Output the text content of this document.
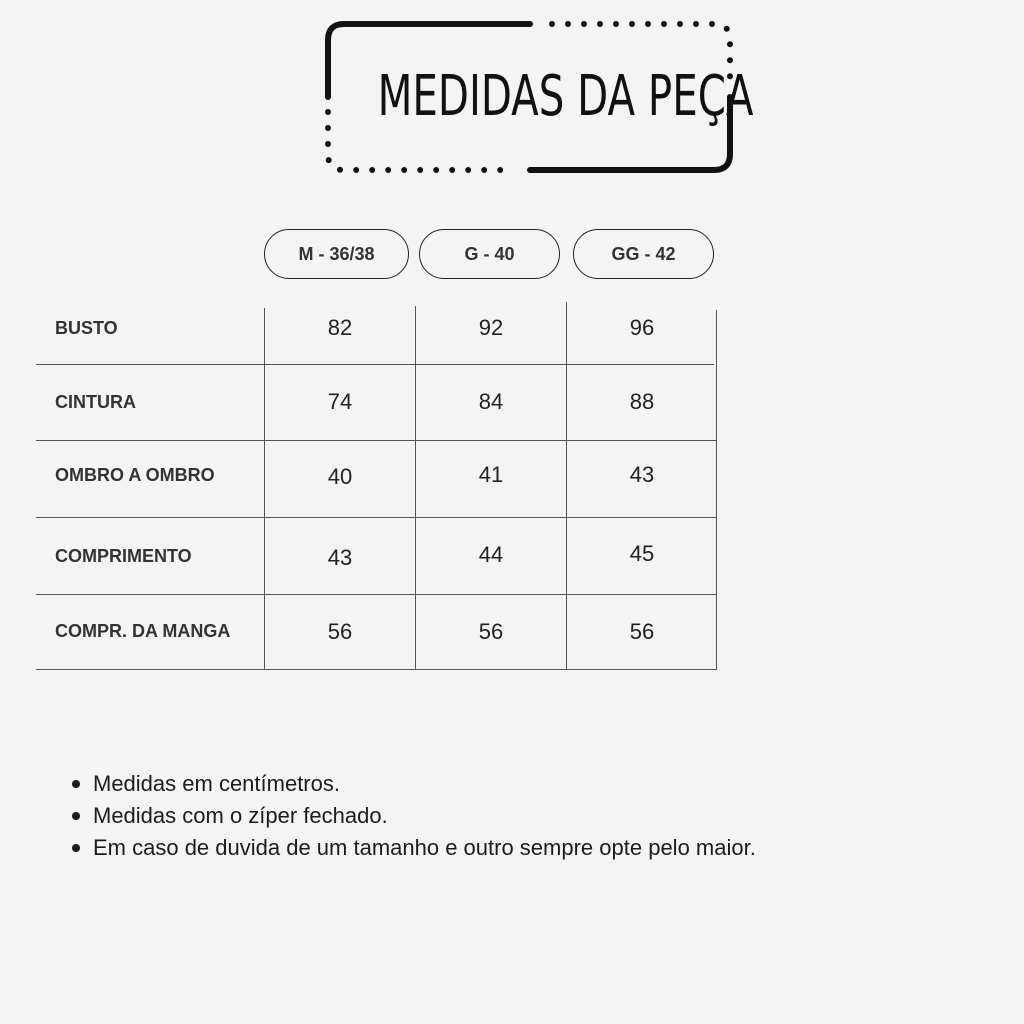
MEDIDAS DA PEÇA
M - 36/38	G - 40	GG - 42
BUSTO	82	92	96
CINTURA	74	84	88
OMBRO A OMBRO	40	41	43
COMPRIMENTO	43	44	45
COMPR. DA MANGA	56	56	56
Medidas em centímetros.
Medidas com o zíper fechado.
Em caso de duvida de um tamanho e outro sempre opte pelo maior.
